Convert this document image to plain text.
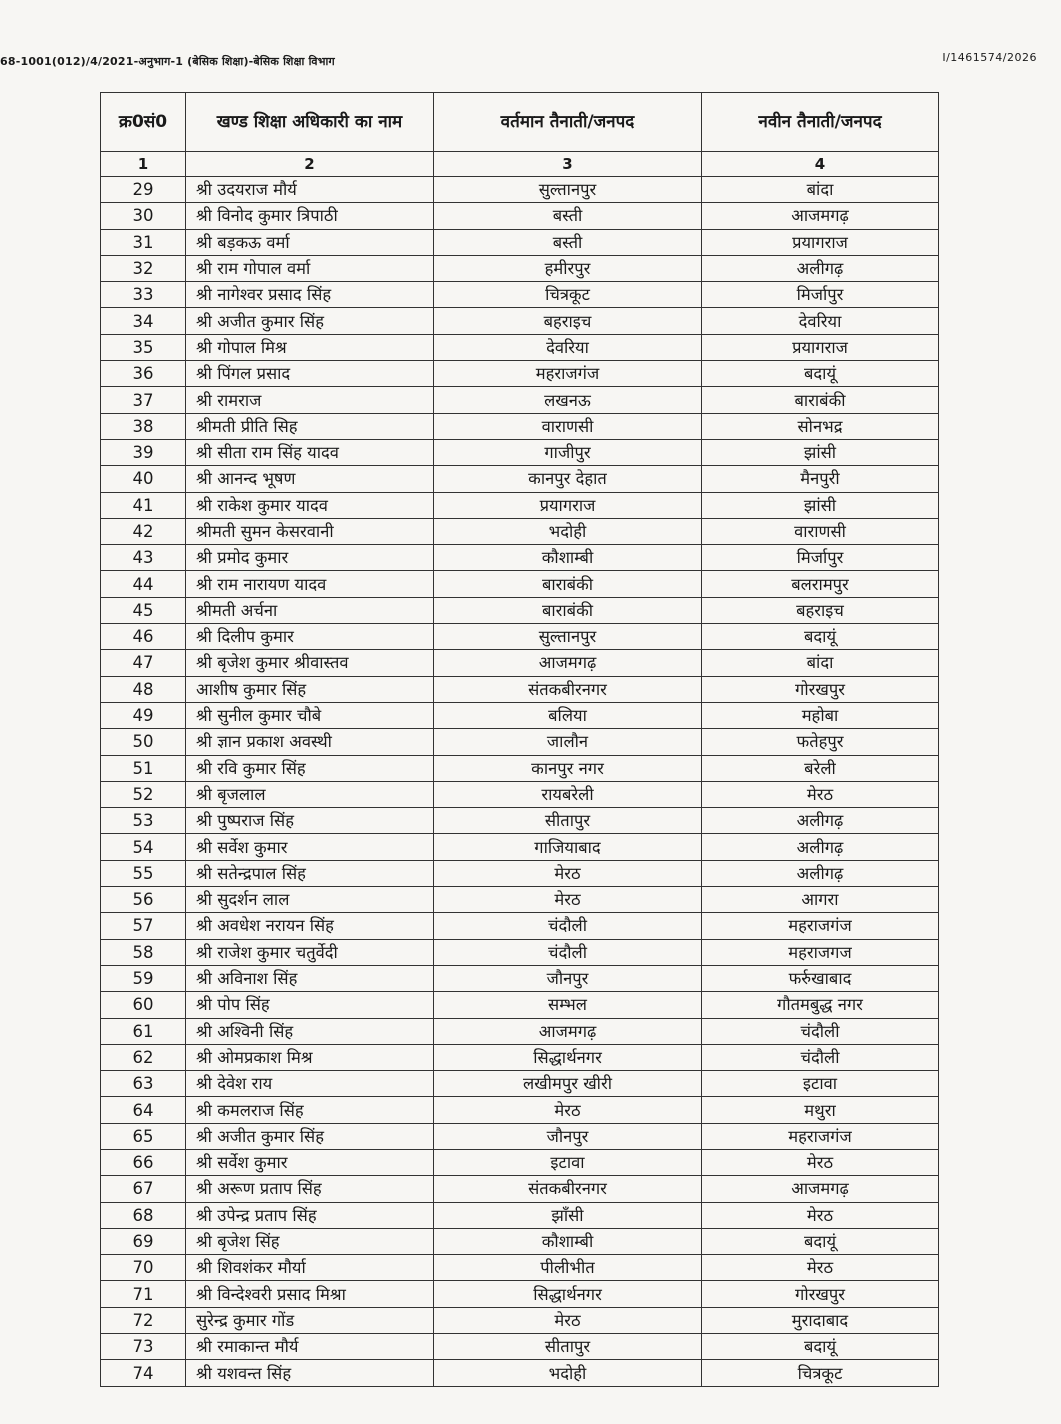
68-1001(012)/4/2021-अनुभाग-1 (बेसिक शिक्षा)-बेसिक शिक्षा विभाग	I/1461574/2026
क्र0सं0	खण्ड शिक्षा अधिकारी का नाम	वर्तमान तैनाती/जनपद	नवीन तैनाती/जनपद
1	2	3	4
29	श्री उदयराज मौर्य	सुल्तानपुर	बांदा
30	श्री विनोद कुमार त्रिपाठी	बस्ती	आजमगढ़
31	श्री बड़कऊ वर्मा	बस्ती	प्रयागराज
32	श्री राम गोपाल वर्मा	हमीरपुर	अलीगढ़
33	श्री नागेश्वर प्रसाद सिंह	चित्रकूट	मिर्जापुर
34	श्री अजीत कुमार सिंह	बहराइच	देवरिया
35	श्री गोपाल मिश्र	देवरिया	प्रयागराज
36	श्री पिंगल प्रसाद	महराजगंज	बदायूं
37	श्री रामराज	लखनऊ	बाराबंकी
38	श्रीमती प्रीति सिह	वाराणसी	सोनभद्र
39	श्री सीता राम सिंह यादव	गाजीपुर	झांसी
40	श्री आनन्द भूषण	कानपुर देहात	मैनपुरी
41	श्री राकेश कुमार यादव	प्रयागराज	झांसी
42	श्रीमती सुमन केसरवानी	भदोही	वाराणसी
43	श्री प्रमोद कुमार	कौशाम्बी	मिर्जापुर
44	श्री राम नारायण यादव	बाराबंकी	बलरामपुर
45	श्रीमती अर्चना	बाराबंकी	बहराइच
46	श्री दिलीप कुमार	सुल्तानपुर	बदायूं
47	श्री बृजेश कुमार श्रीवास्तव	आजमगढ़	बांदा
48	आशीष कुमार सिंह	संतकबीरनगर	गोरखपुर
49	श्री सुनील कुमार चौबे	बलिया	महोबा
50	श्री ज्ञान प्रकाश अवस्थी	जालौन	फतेहपुर
51	श्री रवि कुमार सिंह	कानपुर नगर	बरेली
52	श्री बृजलाल	रायबरेली	मेरठ
53	श्री पुष्पराज सिंह	सीतापुर	अलीगढ़
54	श्री सर्वेश कुमार	गाजियाबाद	अलीगढ़
55	श्री सतेन्द्रपाल सिंह	मेरठ	अलीगढ़
56	श्री सुदर्शन लाल	मेरठ	आगरा
57	श्री अवधेश नरायन सिंह	चंदौली	महराजगंज
58	श्री राजेश कुमार चतुर्वेदी	चंदौली	महराजगज
59	श्री अविनाश सिंह	जौनपुर	फर्रुखाबाद
60	श्री पोप सिंह	सम्भल	गौतमबुद्ध नगर
61	श्री अश्विनी सिंह	आजमगढ़	चंदौली
62	श्री ओमप्रकाश मिश्र	सिद्धार्थनगर	चंदौली
63	श्री देवेश राय	लखीमपुर खीरी	इटावा
64	श्री कमलराज सिंह	मेरठ	मथुरा
65	श्री अजीत कुमार सिंह	जौनपुर	महराजगंज
66	श्री सर्वेश कुमार	इटावा	मेरठ
67	श्री अरूण प्रताप सिंह	संतकबीरनगर	आजमगढ़
68	श्री उपेन्द्र प्रताप सिंह	झाँसी	मेरठ
69	श्री बृजेश सिंह	कौशाम्बी	बदायूं
70	श्री शिवशंकर मौर्या	पीलीभीत	मेरठ
71	श्री विन्देश्वरी प्रसाद मिश्रा	सिद्धार्थनगर	गोरखपुर
72	सुरेन्द्र कुमार गोंड	मेरठ	मुरादाबाद
73	श्री रमाकान्त मौर्य	सीतापुर	बदायूं
74	श्री यशवन्त सिंह	भदोही	चित्रकूट
